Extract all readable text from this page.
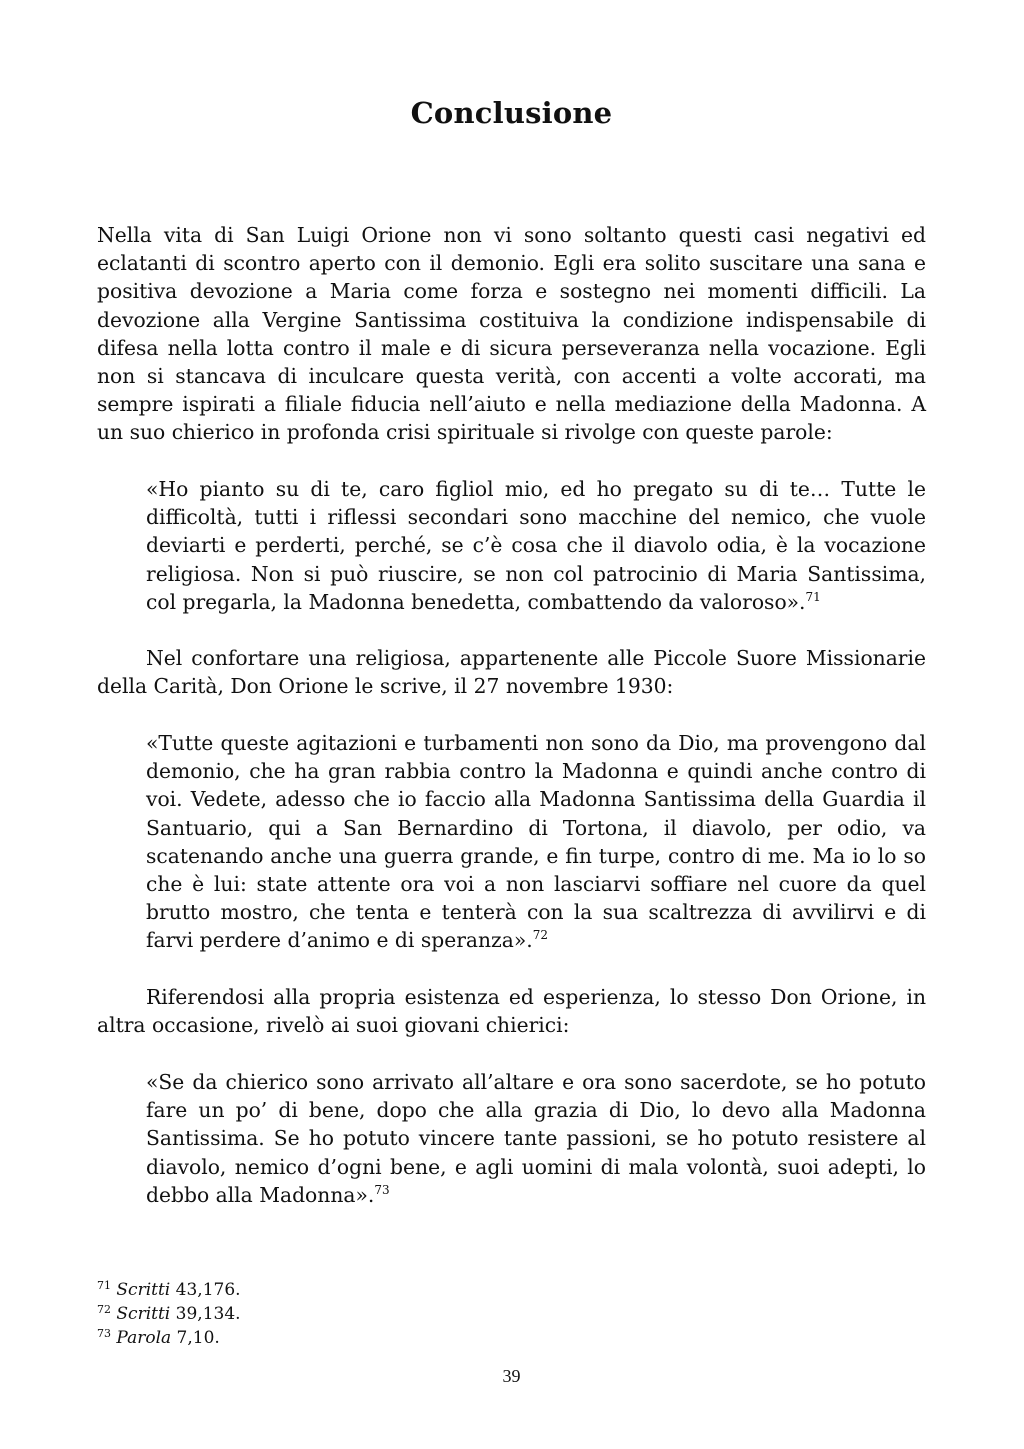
Conclusione

Nella vita di San Luigi Orione non vi sono soltanto questi casi negativi ed eclatanti di scontro aperto con il demonio. Egli era solito suscitare una sana e positiva devozione a Maria come forza e sostegno nei momenti difficili. La devozione alla Vergine Santissima costituiva la condizione indispensabile di difesa nella lotta contro il male e di sicura perseveranza nella vocazione. Egli non si stancava di inculcare questa verità, con accenti a volte accorati, ma sempre ispirati a filiale fiducia nell’aiuto e nella mediazione della Madonna. A un suo chierico in profonda crisi spirituale si rivolge con queste parole:

«Ho pianto su di te, caro figliol mio, ed ho pregato su di te… Tutte le difficoltà, tutti i riflessi secondari sono macchine del nemico, che vuole deviarti e perderti, perché, se c’è cosa che il diavolo odia, è la vocazione religiosa. Non si può riuscire, se non col patrocinio di Maria Santissima, col pregarla, la Madonna benedetta, combattendo da valoroso».$^{71}$

Nel confortare una religiosa, appartenente alle Piccole Suore Missionarie della Carità, Don Orione le scrive, il 27 novembre 1930:

«Tutte queste agitazioni e turbamenti non sono da Dio, ma provengono dal demonio, che ha gran rabbia contro la Madonna e quindi anche contro di voi. Vedete, adesso che io faccio alla Madonna Santissima della Guardia il Santuario, qui a San Bernardino di Tortona, il diavolo, per odio, va scatenando anche una guerra grande, e fin turpe, contro di me. Ma io lo so che è lui: state attente ora voi a non lasciarvi soffiare nel cuore da quel brutto mostro, che tenta e tenterà con la sua scaltrezza di avvilirvi e di farvi perdere d’animo e di speranza».$^{72}$

Riferendosi alla propria esistenza ed esperienza, lo stesso Don Orione, in altra occasione, rivelò ai suoi giovani chierici:

«Se da chierico sono arrivato all’altare e ora sono sacerdote, se ho potuto fare un po’ di bene, dopo che alla grazia di Dio, lo devo alla Madonna Santissima. Se ho potuto vincere tante passioni, se ho potuto resistere al diavolo, nemico d’ogni bene, e agli uomini di mala volontà, suoi adepti, lo debbo alla Madonna».$^{73}$

$^{71}$ Scritti 43,176.
$^{72}$ Scritti 39,134.
$^{73}$ Parola 7,10.
39
